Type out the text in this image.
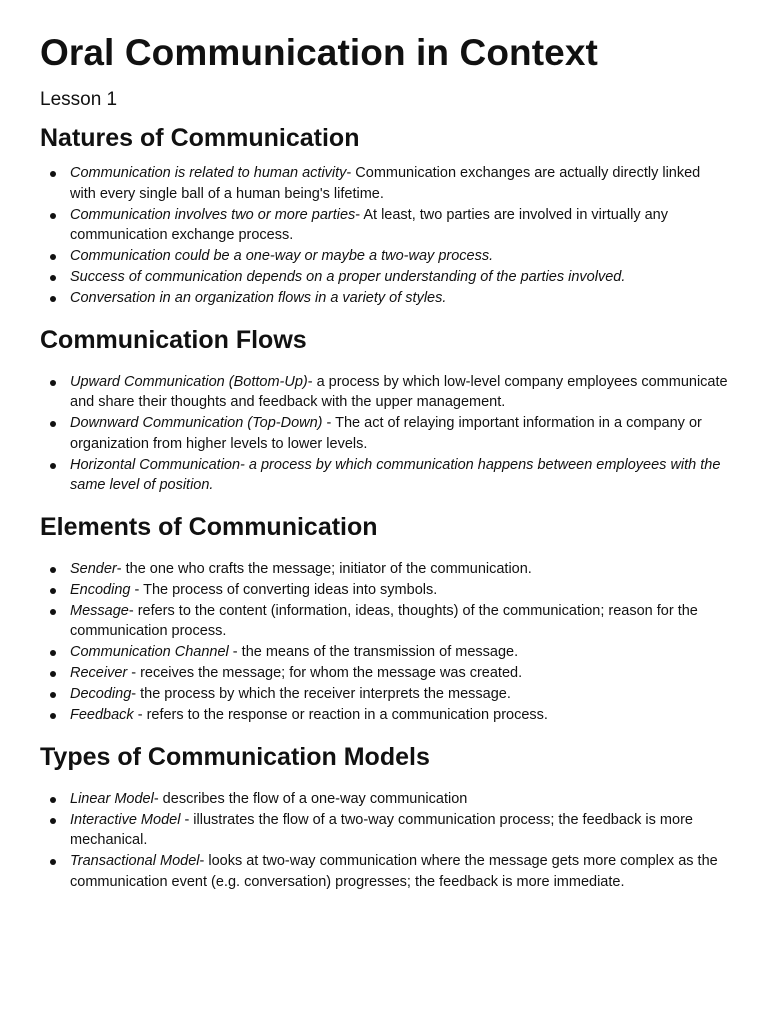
Oral Communication in Context
Lesson 1
Natures of Communication
Communication is related to human activity- Communication exchanges are actually directly linked with every single ball of a human being's lifetime.
Communication involves two or more parties- At least, two parties are involved in virtually any communication exchange process.
Communication could be a one-way or maybe a two-way process.
Success of communication depends on a proper understanding of the parties involved.
Conversation in an organization flows in a variety of styles.
Communication Flows
Upward Communication (Bottom-Up)- a process by which low-level company employees communicate and share their thoughts and feedback with the upper management.
Downward Communication (Top-Down) - The act of relaying important information in a company or organization from higher levels to lower levels.
Horizontal Communication- a process by which communication happens between employees with the same level of position.
Elements of Communication
Sender- the one who crafts the message; initiator of the communication.
Encoding - The process of converting ideas into symbols.
Message- refers to the content (information, ideas, thoughts) of the communication; reason for the communication process.
Communication Channel - the means of the transmission of message.
Receiver - receives the message; for whom the message was created.
Decoding- the process by which the receiver interprets the message.
Feedback - refers to the response or reaction in a communication process.
Types of Communication Models
Linear Model- describes the flow of a one-way communication
Interactive Model - illustrates the flow of a two-way communication process; the feedback is more mechanical.
Transactional Model- looks at two-way communication where the message gets more complex as the communication event (e.g. conversation) progresses; the feedback is more immediate.
